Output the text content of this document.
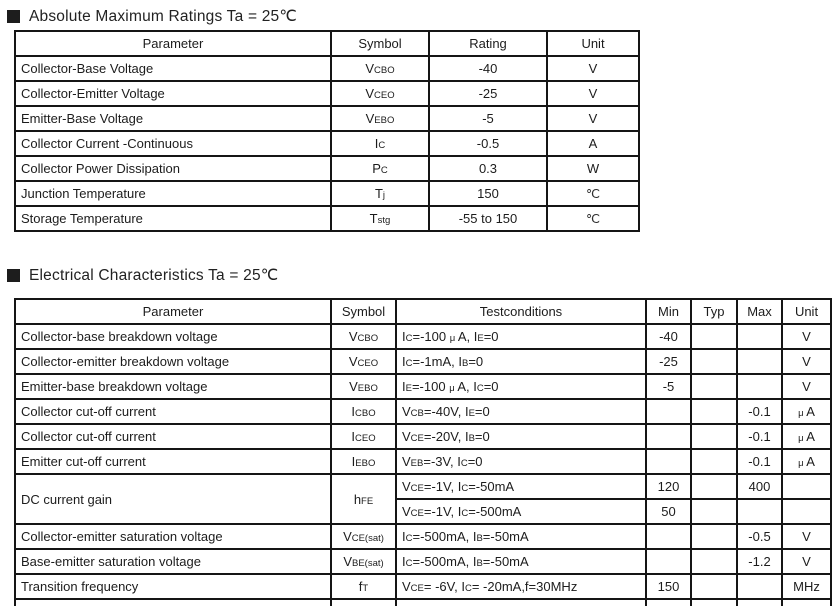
Absolute Maximum Ratings Ta = 25℃
Parameter	Symbol	Rating	Unit
Collector-Base Voltage	VCBO	-40	V
Collector-Emitter Voltage	VCEO	-25	V
Emitter-Base Voltage	VEBO	-5	V
Collector Current -Continuous	IC	-0.5	A
Collector Power Dissipation	PC	0.3	W
Junction Temperature	Tj	150	℃
Storage Temperature	Tstg	-55 to 150	℃
Electrical Characteristics Ta = 25℃
Parameter	Symbol	Testconditions	Min	Typ	Max	Unit
Collector-base breakdown voltage	VCBO	IC=-100 μ A, IE=0	-40			V
Collector-emitter breakdown voltage	VCEO	IC=-1mA, IB=0	-25			V
Emitter-base breakdown voltage	VEBO	IE=-100 μ A, IC=0	-5			V
Collector cut-off current	ICBO	VCB=-40V, IE=0			-0.1	μ A
Collector cut-off current	ICEO	VCE=-20V, IB=0			-0.1	μ A
Emitter cut-off current	IEBO	VEB=-3V, IC=0			-0.1	μ A
DC current gain	hFE	VCE=-1V, IC=-50mA	120		400	
		VCE=-1V, IC=-500mA	50			
Collector-emitter saturation voltage	VCE(sat)	IC=-500mA, IB=-50mA			-0.5	V
Base-emitter saturation voltage	VBE(sat)	IC=-500mA, IB=-50mA			-1.2	V
Transition frequency	fT	VCE= -6V, IC= -20mA,f=30MHz	150			MHz
